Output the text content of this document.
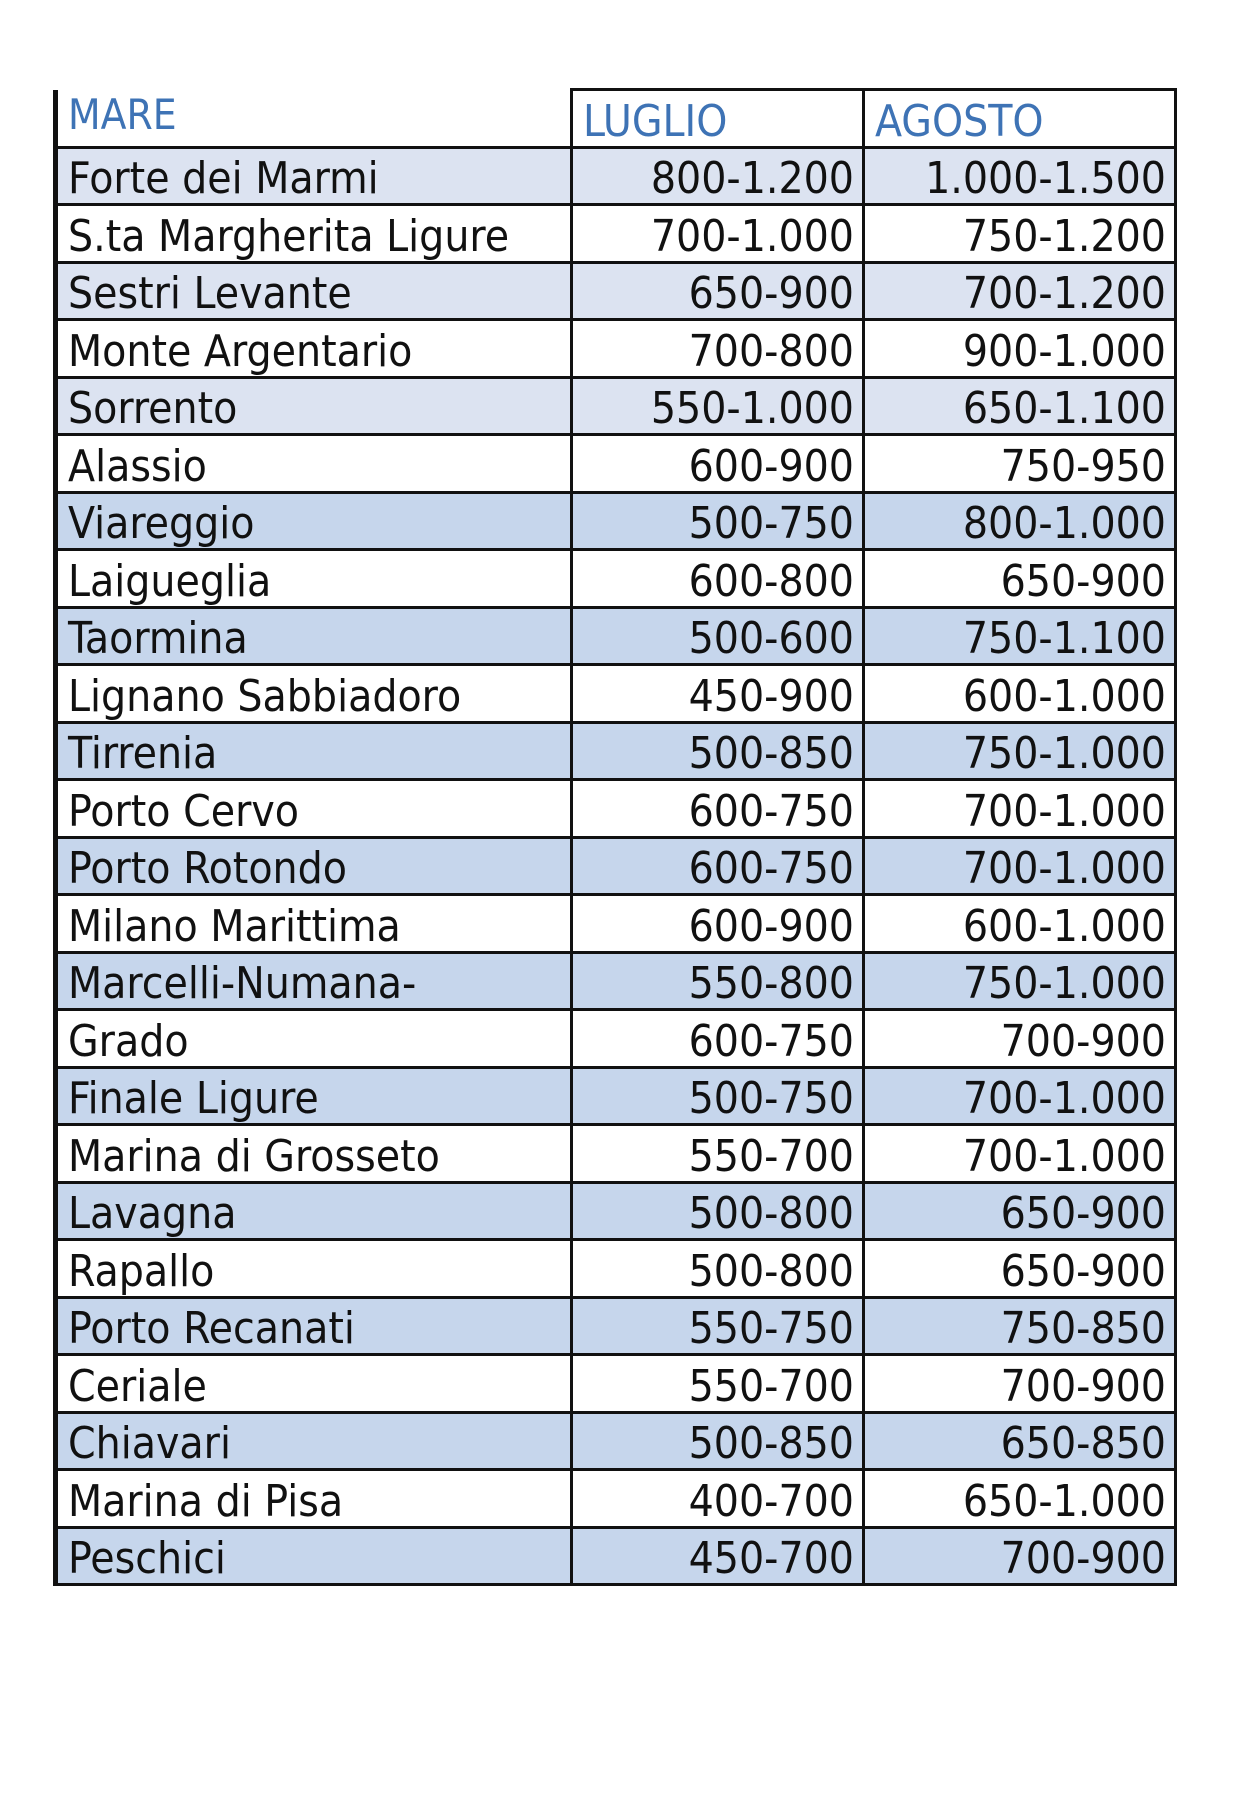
MARE	LUGLIO	AGOSTO
Forte dei Marmi	800-1.200	1.000-1.500
S.ta Margherita Ligure	700-1.000	750-1.200
Sestri Levante	650-900	700-1.200
Monte Argentario	700-800	900-1.000
Sorrento	550-1.000	650-1.100
Alassio	600-900	750-950
Viareggio	500-750	800-1.000
Laigueglia	600-800	650-900
Taormina	500-600	750-1.100
Lignano Sabbiadoro	450-900	600-1.000
Tirrenia	500-850	750-1.000
Porto Cervo	600-750	700-1.000
Porto Rotondo	600-750	700-1.000
Milano Marittima	600-900	600-1.000
Marcelli-Numana-	550-800	750-1.000
Grado	600-750	700-900
Finale Ligure	500-750	700-1.000
Marina di Grosseto	550-700	700-1.000
Lavagna	500-800	650-900
Rapallo	500-800	650-900
Porto Recanati	550-750	750-850
Ceriale	550-700	700-900
Chiavari	500-850	650-850
Marina di Pisa	400-700	650-1.000
Peschici	450-700	700-900
